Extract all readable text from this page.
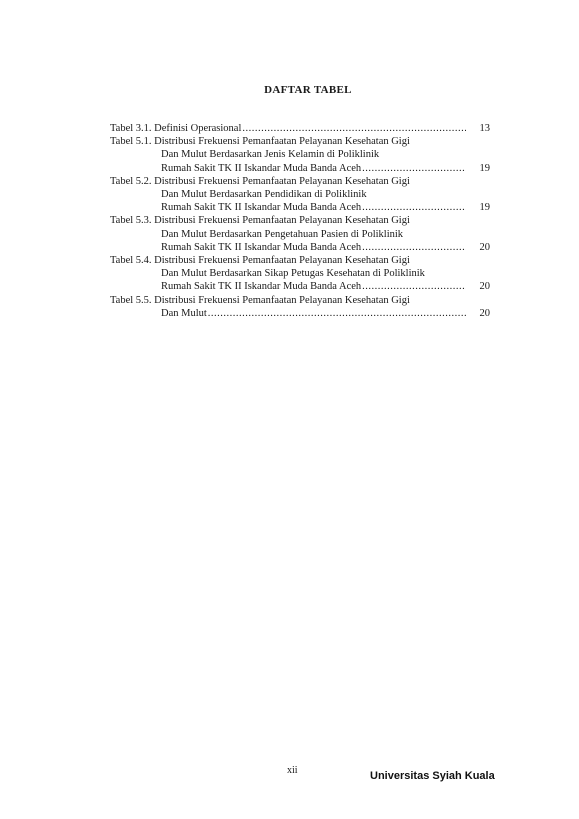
DAFTAR TABEL
Tabel 3.1.
Definisi Operasional .....	13
Tabel 5.1.
Distribusi Frekuensi Pemanfaatan Pelayanan Kesehatan Gigi
Dan Mulut Berdasarkan Jenis Kelamin di Poliklinik
Rumah Sakit TK II Iskandar Muda Banda Aceh .....	19
Tabel 5.2.
Distribusi Frekuensi Pemanfaatan Pelayanan Kesehatan Gigi
Dan Mulut Berdasarkan Pendidikan di Poliklinik
Rumah Sakit TK II Iskandar Muda Banda Aceh .....	19
Tabel 5.3.
Distribusi Frekuensi Pemanfaatan Pelayanan Kesehatan Gigi
Dan Mulut Berdasarkan Pengetahuan Pasien di Poliklinik
Rumah Sakit TK II Iskandar Muda Banda Aceh .....	20
Tabel 5.4.
Distribusi Frekuensi Pemanfaatan Pelayanan Kesehatan Gigi
Dan Mulut Berdasarkan Sikap Petugas Kesehatan di Poliklinik
Rumah Sakit TK II Iskandar Muda Banda Aceh .....	20
Tabel 5.5.
Distribusi Frekuensi Pemanfaatan Pelayanan Kesehatan Gigi
Dan Mulut .....	20
xii	Universitas Syiah Kuala
